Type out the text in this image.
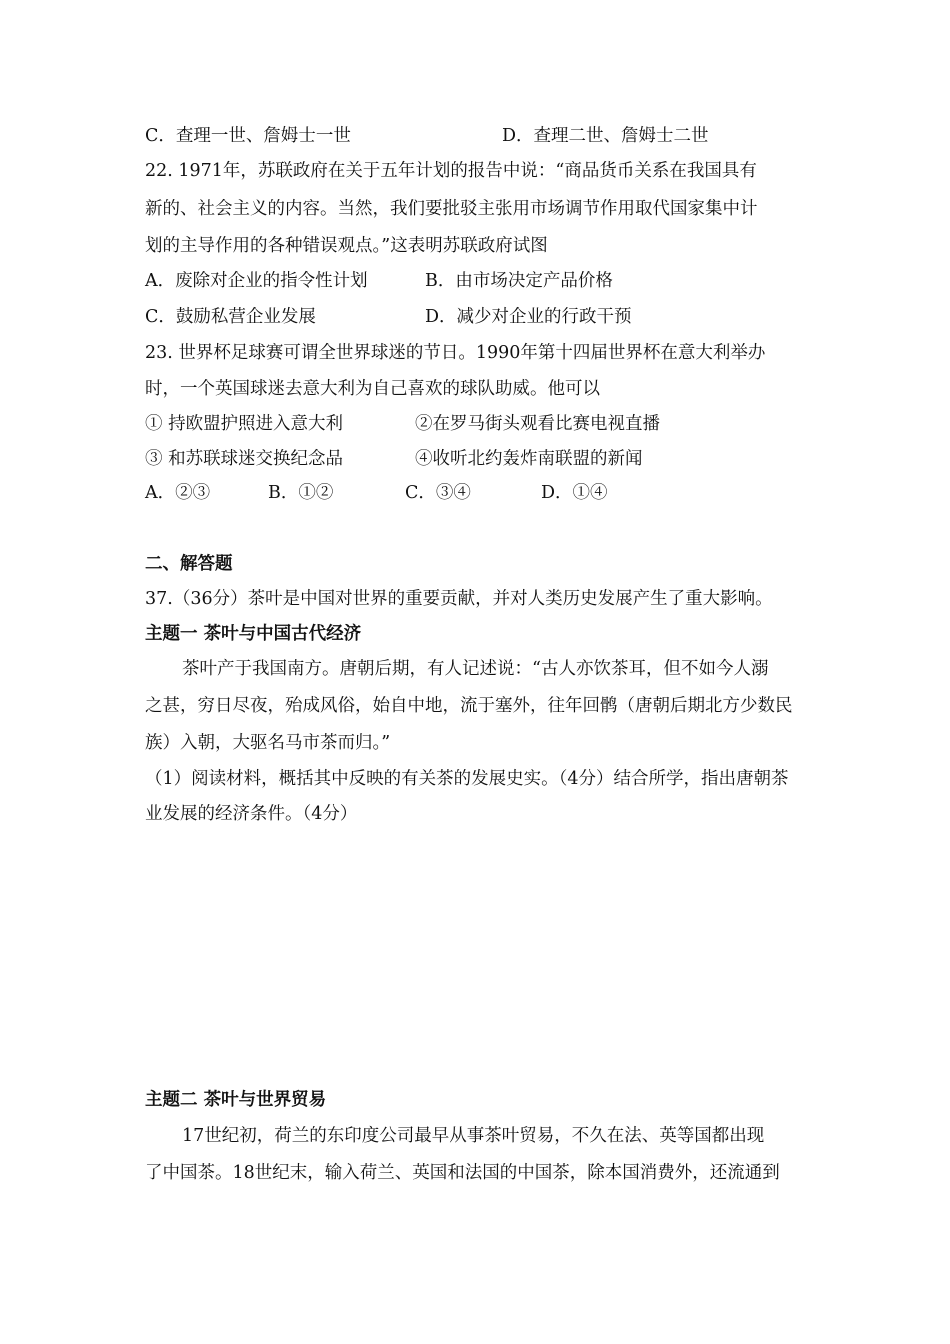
C．查理一世、詹姆士一世	D．查理二世、詹姆士二世
22. 1971年，苏联政府在关于五年计划的报告中说：“商品货币关系在我国具有
新的、社会主义的内容。当然，我们要批驳主张用市场调节作用取代国家集中计
划的主导作用的各种错误观点。”这表明苏联政府试图
A．废除对企业的指令性计划	B．由市场决定产品价格
C．鼓励私营企业发展	D．减少对企业的行政干预
23. 世界杯足球赛可谓全世界球迷的节日。1990年第十四届世界杯在意大利举办
时，一个英国球迷去意大利为自己喜欢的球队助威。他可以
① 持欧盟护照进入意大利	②在罗马街头观看比赛电视直播
③ 和苏联球迷交换纪念品	④收听北约轰炸南联盟的新闻
A．②③	B．①②	C．③④	D．①④
二、解答题
37.（36分）茶叶是中国对世界的重要贡献，并对人类历史发展产生了重大影响。
主题一 茶叶与中国古代经济
茶叶产于我国南方。唐朝后期，有人记述说：“古人亦饮茶耳，但不如今人溺
之甚，穷日尽夜，殆成风俗，始自中地，流于塞外，往年回鹘（唐朝后期北方少数民
族）入朝，大驱名马市茶而归。”
（1）阅读材料，概括其中反映的有关茶的发展史实。（4分）结合所学，指出唐朝茶
业发展的经济条件。（4分）
主题二 茶叶与世界贸易
17世纪初，荷兰的东印度公司最早从事茶叶贸易，不久在法、英等国都出现
了中国茶。18世纪末，输入荷兰、英国和法国的中国茶，除本国消费外，还流通到
